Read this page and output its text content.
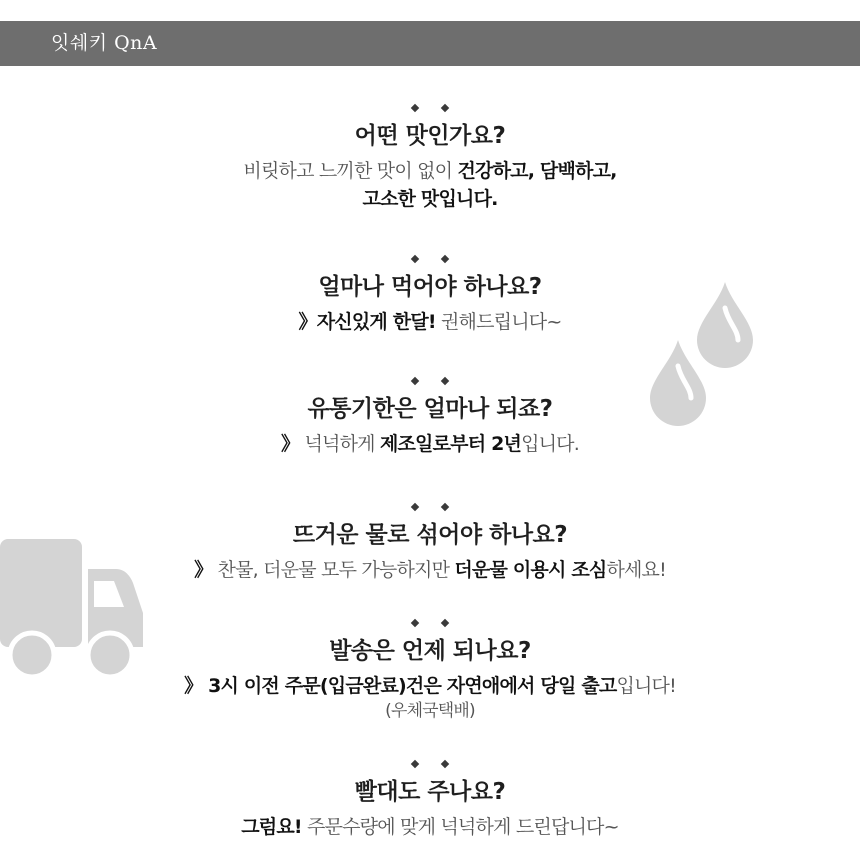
잇쉐키 QnA
어떤 맛인가요?
비릿하고 느끼한 맛이 없이 건강하고, 담백하고,
고소한 맛입니다.
얼마나 먹어야 하나요?
》자신있게 한달! 권해드립니다~
유통기한은 얼마나 되죠?
》 넉넉하게 제조일로부터 2년입니다.
뜨거운 물로 섞어야 하나요?
》 찬물, 더운물 모두 가능하지만 더운물 이용시 조심하세요!
발송은 언제 되나요?
》 3시 이전 주문(입금완료)건은 자연애에서 당일 출고입니다!
(우체국택배)
빨대도 주나요?
그럼요! 주문수량에 맞게 넉넉하게 드린답니다~
